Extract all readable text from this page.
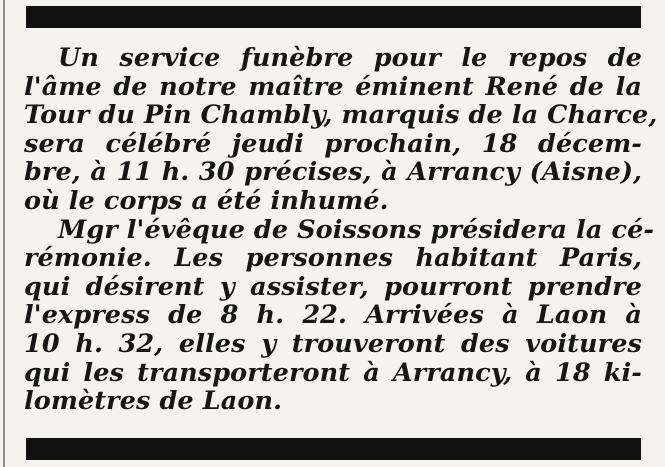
Un service funèbre pour le repos de
l'âme de notre maître éminent René de la
Tour du Pin Chambly, marquis de la Charce,
sera célébré jeudi prochain, 18 décem-
bre, à 11 h. 30 précises, à Arrancy (Aisne),
où le corps a été inhumé.
Mgr l'évêque de Soissons présidera la cé-
rémonie. Les personnes habitant Paris,
qui désirent y assister, pourront prendre
l'express de 8 h. 22. Arrivées à Laon à
10 h. 32, elles y trouveront des voitures
qui les transporteront à Arrancy, à 18 ki-
lomètres de Laon.
